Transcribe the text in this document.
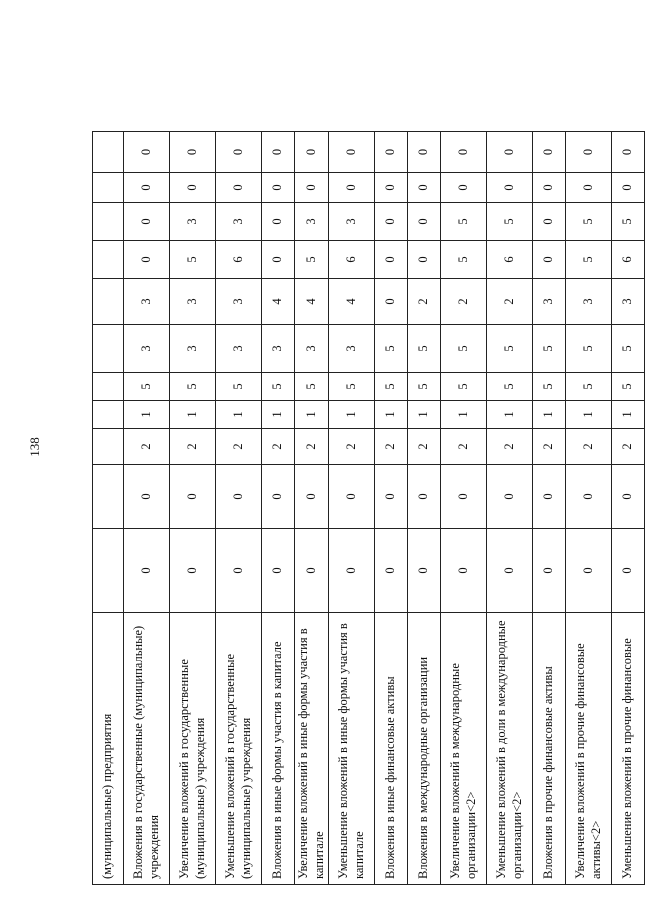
138
(муниципальные) предприятия											
Вложения в государственные (муниципальные) учреждения	0	0	2	1	5	3	3	0	0	0	0
Увеличение вложений в государственные (муниципальные) учреждения	0	0	2	1	5	3	3	5	3	0	0
Уменьшение вложений в государственные (муниципальные) учреждения	0	0	2	1	5	3	3	6	3	0	0
Вложения в иные формы участия в капитале	0	0	2	1	5	3	4	0	0	0	0
Увеличение вложений в иные формы участия в капитале	0	0	2	1	5	3	4	5	3	0	0
Уменьшение вложений в иные формы участия в капитале	0	0	2	1	5	3	4	6	3	0	0
Вложения в иные финансовые активы	0	0	2	1	5	5	0	0	0	0	0
Вложения в международные организации	0	0	2	1	5	5	2	0	0	0	0
Увеличение вложений в международные организации<2>	0	0	2	1	5	5	2	5	5	0	0
Уменьшение вложений в доли в международные организации<2>	0	0	2	1	5	5	2	6	5	0	0
Вложения в прочие финансовые активы	0	0	2	1	5	5	3	0	0	0	0
Увеличение вложений в прочие финансовые активы<2>	0	0	2	1	5	5	3	5	5	0	0
Уменьшение вложений в прочие финансовые	0	0	2	1	5	5	3	6	5	0	0
